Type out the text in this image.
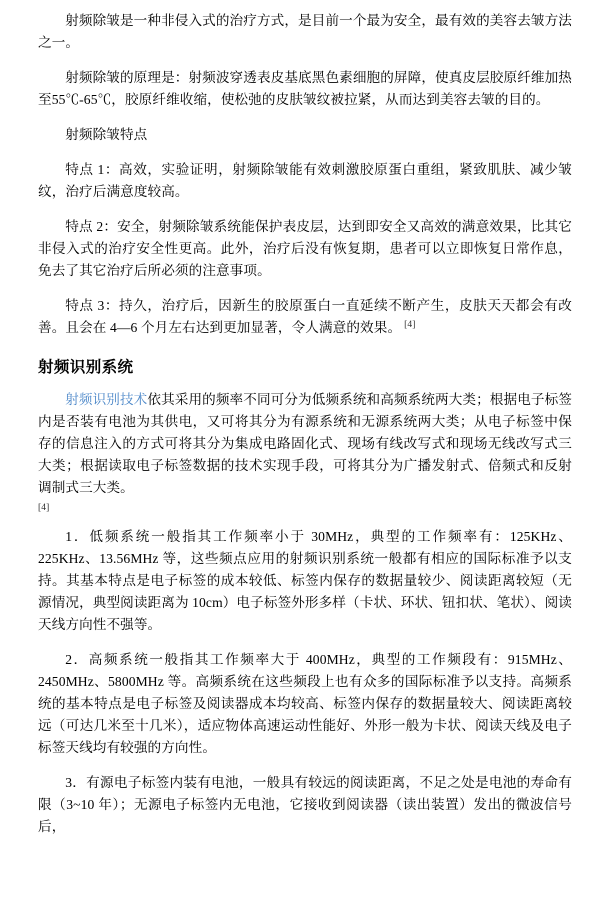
射频除皱是一种非侵入式的治疗方式，是目前一个最为安全，最有效的美容去皱方法之一。

射频除皱的原理是：射频波穿透表皮基底黑色素细胞的屏障，使真皮层胶原纤维加热至55℃-65℃，胶原纤维收缩，使松弛的皮肤皱纹被拉紧，从而达到美容去皱的目的。

射频除皱特点

特点 1：高效，实验证明，射频除皱能有效刺激胶原蛋白重组，紧致肌肤、减少皱纹，治疗后满意度较高。

特点 2：安全，射频除皱系统能保护表皮层，达到即安全又高效的满意效果，比其它非侵入式的治疗安全性更高。此外，治疗后没有恢复期，患者可以立即恢复日常作息，免去了其它治疗后所必须的注意事项。

特点 3：持久，治疗后，因新生的胶原蛋白一直延续不断产生，皮肤天天都会有改善。且会在 4—6 个月左右达到更加显著，令人满意的效果。 [4]

射频识别系统

射频识别技术依其采用的频率不同可分为低频系统和高频系统两大类；根据电子标签内是否装有电池为其供电，又可将其分为有源系统和无源系统两大类；从电子标签中保存的信息注入的方式可将其分为集成电路固化式、现场有线改写式和现场无线改写式三大类；根据读取电子标签数据的技术实现手段，可将其分为广播发射式、倍频式和反射调制式三大类。

[4]

1．低频系统一般指其工作频率小于 30MHz，典型的工作频率有：125KHz、225KHz、13.56MHz 等，这些频点应用的射频识别系统一般都有相应的国际标准予以支持。其基本特点是电子标签的成本较低、标签内保存的数据量较少、阅读距离较短（无源情况，典型阅读距离为 10cm）电子标签外形多样（卡状、环状、钮扣状、笔状）、阅读天线方向性不强等。

2．高频系统一般指其工作频率大于 400MHz，典型的工作频段有：915MHz、2450MHz、5800MHz 等。高频系统在这些频段上也有众多的国际标准予以支持。高频系统的基本特点是电子标签及阅读器成本均较高、标签内保存的数据量较大、阅读距离较远（可达几米至十几米），适应物体高速运动性能好、外形一般为卡状、阅读天线及电子标签天线均有较强的方向性。

3．有源电子标签内装有电池，一般具有较远的阅读距离，不足之处是电池的寿命有限（3~10 年）；无源电子标签内无电池，它接收到阅读器（读出装置）发出的微波信号后，
